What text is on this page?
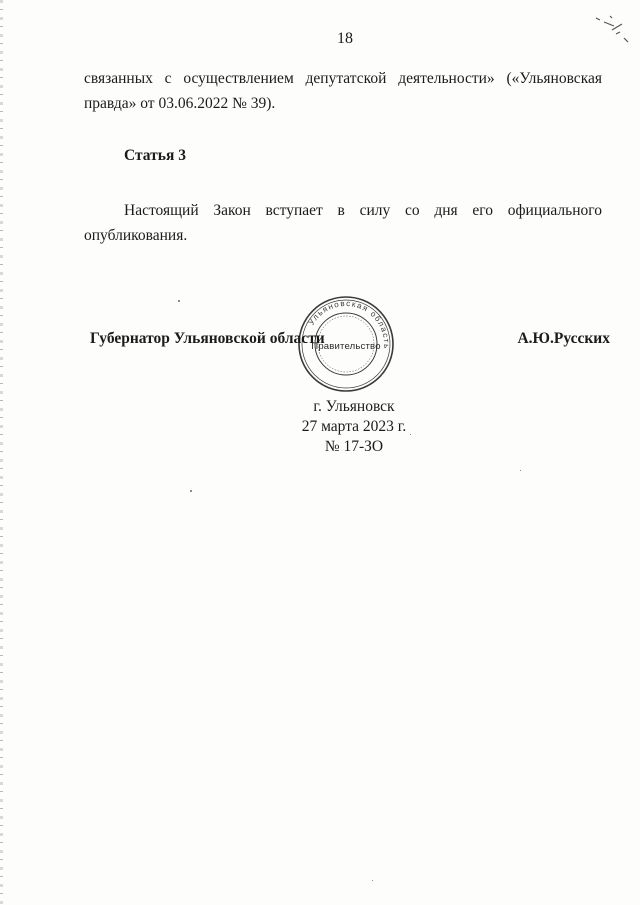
18
связанных с осуществлением депутатской деятельности» («Ульяновская
правда» от 03.06.2022 № 39).
Статья 3
Настоящий Закон вступает в силу со дня его официального
опубликования.
Ульяновская область
Правительство
Губернатор Ульяновской области	А.Ю.Русских
г. Ульяновск
27 марта 2023 г.
№ 17-ЗО
